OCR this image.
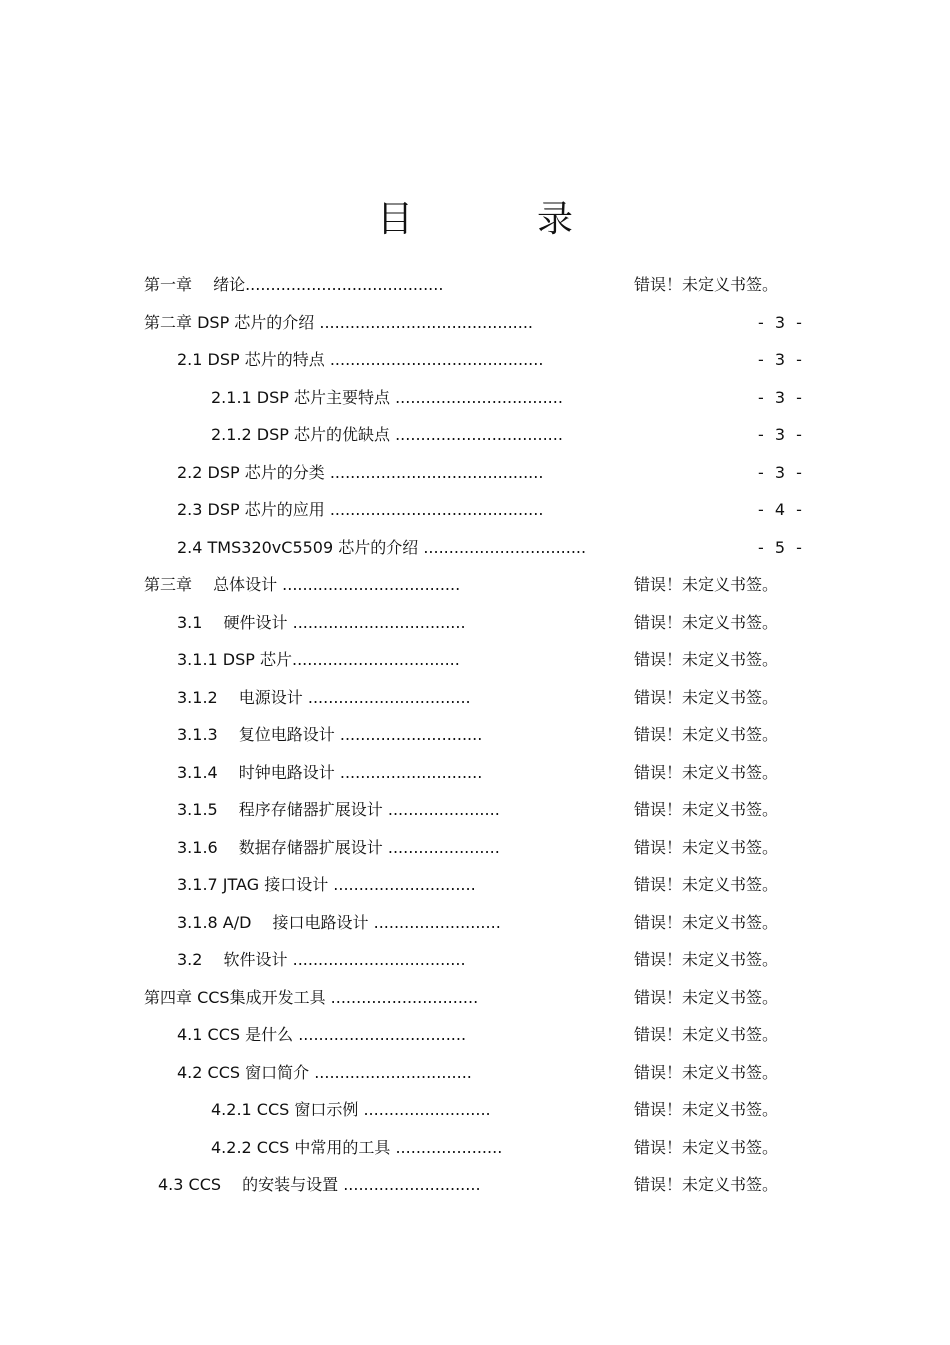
目　录
第一章　 绪论.......................................	错误！未定义书签。
第二章 DSP 芯片的介绍 ..........................................	- 3 -
2.1 DSP 芯片的特点 ..........................................	- 3 -
2.1.1 DSP 芯片主要特点 .................................	- 3 -
2.1.2 DSP 芯片的优缺点 .................................	- 3 -
2.2 DSP 芯片的分类 ..........................................	- 3 -
2.3 DSP 芯片的应用 ..........................................	- 4 -
2.4 TMS320vC5509 芯片的介绍 ................................	- 5 -
第三章　 总体设计 ...................................	错误！未定义书签。
3.1　 硬件设计 ..................................	错误！未定义书签。
3.1.1 DSP 芯片.................................	错误！未定义书签。
3.1.2　 电源设计 ................................	错误！未定义书签。
3.1.3　 复位电路设计 ............................	错误！未定义书签。
3.1.4　 时钟电路设计 ............................	错误！未定义书签。
3.1.5　 程序存储器扩展设计 ......................	错误！未定义书签。
3.1.6　 数据存储器扩展设计 ......................	错误！未定义书签。
3.1.7 JTAG 接口设计 ............................	错误！未定义书签。
3.1.8 A/D　 接口电路设计 .........................	错误！未定义书签。
3.2　 软件设计 ..................................	错误！未定义书签。
第四章 CCS集成开发工具 .............................	错误！未定义书签。
4.1 CCS 是什么 .................................	错误！未定义书签。
4.2 CCS 窗口简介 ...............................	错误！未定义书签。
4.2.1 CCS 窗口示例 .........................	错误！未定义书签。
4.2.2 CCS 中常用的工具 .....................	错误！未定义书签。
4.3 CCS　 的安装与设置 ...........................	错误！未定义书签。
